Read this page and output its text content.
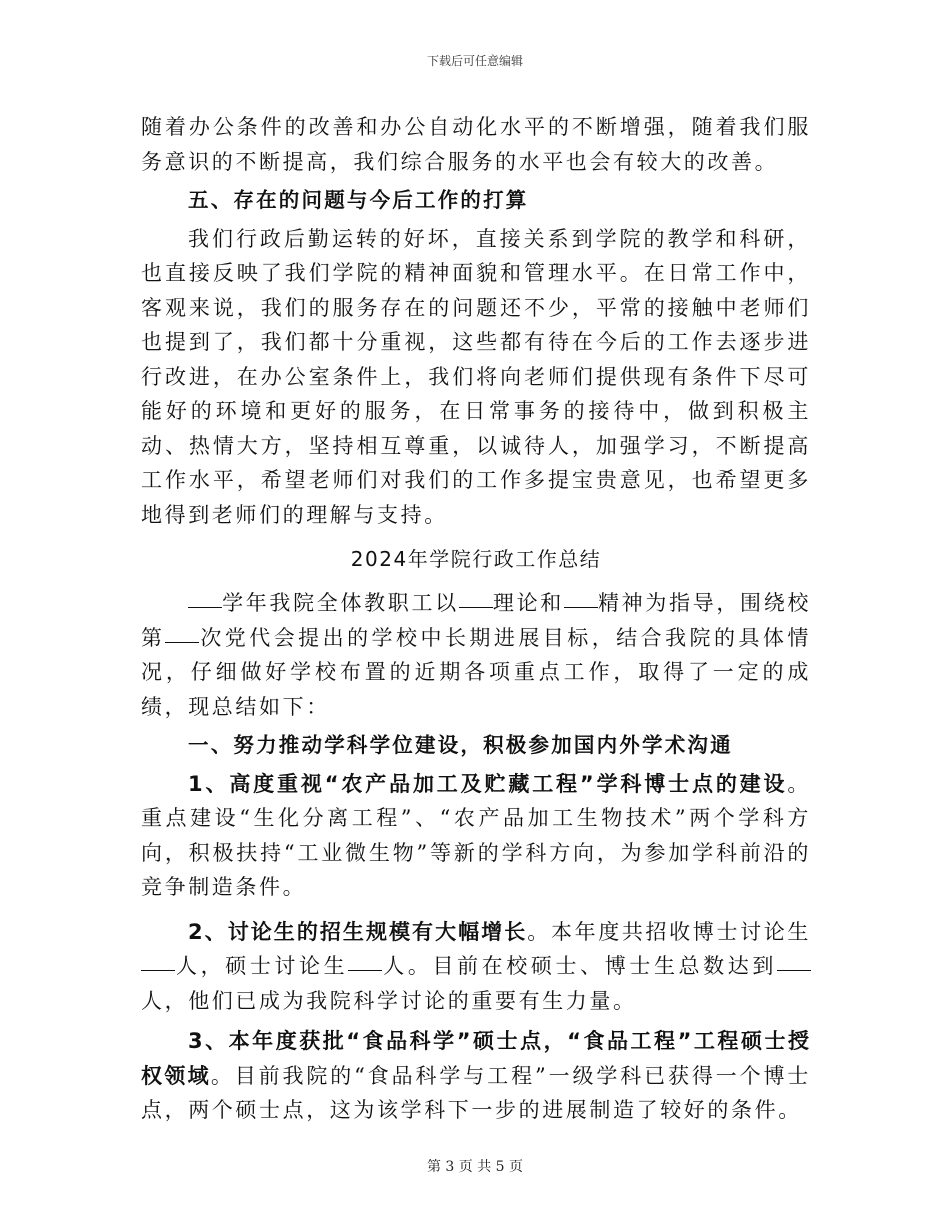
下载后可任意编辑

随着办公条件的改善和办公自动化水平的不断增强，随着我们服务意识的不断提高，我们综合服务的水平也会有较大的改善。

五、存在的问题与今后工作的打算

我们行政后勤运转的好坏，直接关系到学院的教学和科研，也直接反映了我们学院的精神面貌和管理水平。在日常工作中，客观来说，我们的服务存在的问题还不少，平常的接触中老师们也提到了，我们都十分重视，这些都有待在今后的工作去逐步进行改进，在办公室条件上，我们将向老师们提供现有条件下尽可能好的环境和更好的服务，在日常事务的接待中，做到积极主动、热情大方，坚持相互尊重，以诚待人，加强学习，不断提高工作水平，希望老师们对我们的工作多提宝贵意见，也希望更多地得到老师们的理解与支持。

2024年学院行政工作总结

学年我院全体教职工以 理论和 精神为指导，围绕校第 次党代会提出的学校中长期进展目标，结合我院的具体情况，仔细做好学校布置的近期各项重点工作，取得了一定的成绩，现总结如下：

一、努力推动学科学位建设，积极参加国内外学术沟通

1、高度重视“农产品加工及贮藏工程”学科博士点的建设。重点建设“生化分离工程”、“农产品加工生物技术”两个学科方向，积极扶持“工业微生物”等新的学科方向，为参加学科前沿的竞争制造条件。

2、讨论生的招生规模有大幅增长。本年度共招收博士讨论生人，硕士讨论生 人。目前在校硕士、博士生总数达到人，他们已成为我院科学讨论的重要有生力量。

3、本年度获批“食品科学”硕士点，“食品工程”工程硕士授权领域。目前我院的“食品科学与工程”一级学科已获得一个博士点，两个硕士点，这为该学科下一步的进展制造了较好的条件。

第 3 页 共 5 页
